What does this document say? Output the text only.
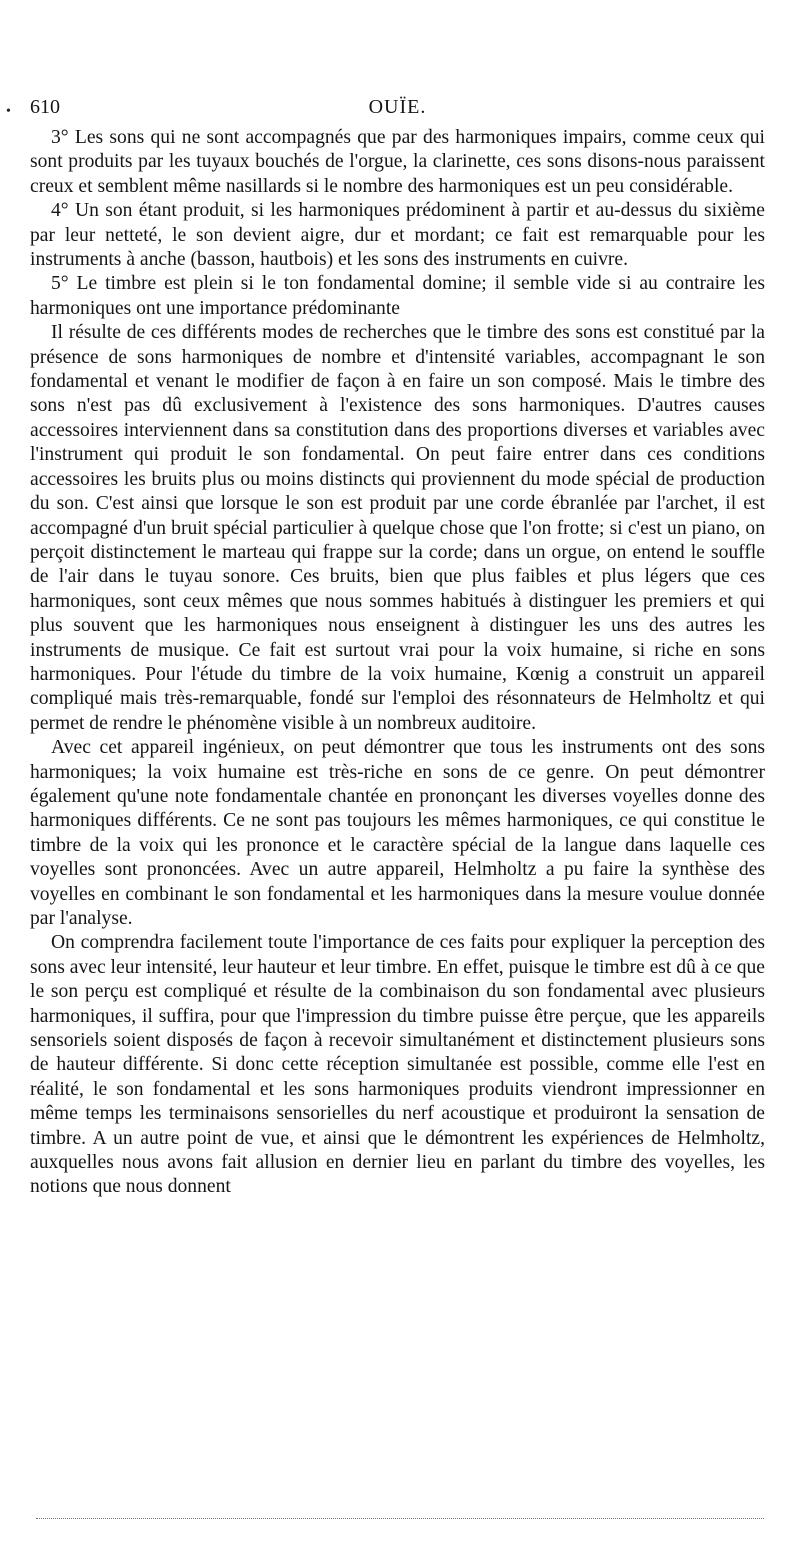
• 610	OUÏE.

3° Les sons qui ne sont accompagnés que par des harmoniques impairs, comme ceux qui sont produits par les tuyaux bouchés de l'orgue, la clarinette, ces sons disons-nous paraissent creux et semblent même nasillards si le nombre des harmoniques est un peu considérable.

4° Un son étant produit, si les harmoniques prédominent à partir et au-dessus du sixième par leur netteté, le son devient aigre, dur et mordant; ce fait est remarquable pour les instruments à anche (basson, hautbois) et les sons des instruments en cuivre.

5° Le timbre est plein si le ton fondamental domine; il semble vide si au contraire les harmoniques ont une importance prédominante

Il résulte de ces différents modes de recherches que le timbre des sons est constitué par la présence de sons harmoniques de nombre et d'intensité variables, accompagnant le son fondamental et venant le modifier de façon à en faire un son composé. Mais le timbre des sons n'est pas dû exclusivement à l'existence des sons harmoniques. D'autres causes accessoires interviennent dans sa constitution dans des proportions diverses et variables avec l'instrument qui produit le son fondamental. On peut faire entrer dans ces conditions accessoires les bruits plus ou moins distincts qui proviennent du mode spécial de production du son. C'est ainsi que lorsque le son est produit par une corde ébranlée par l'archet, il est accompagné d'un bruit spécial particulier à quelque chose que l'on frotte; si c'est un piano, on perçoit distinctement le marteau qui frappe sur la corde; dans un orgue, on entend le souffle de l'air dans le tuyau sonore. Ces bruits, bien que plus faibles et plus légers que ces harmoniques, sont ceux mêmes que nous sommes habitués à distinguer les premiers et qui plus souvent que les harmoniques nous enseignent à distinguer les uns des autres les instruments de musique. Ce fait est surtout vrai pour la voix humaine, si riche en sons harmoniques. Pour l'étude du timbre de la voix humaine, Kœnig a construit un appareil compliqué mais très-remarquable, fondé sur l'emploi des résonnateurs de Helmholtz et qui permet de rendre le phénomène visible à un nombreux auditoire.

Avec cet appareil ingénieux, on peut démontrer que tous les instruments ont des sons harmoniques; la voix humaine est très-riche en sons de ce genre. On peut démontrer également qu'une note fondamentale chantée en prononçant les diverses voyelles donne des harmoniques différents. Ce ne sont pas toujours les mêmes harmoniques, ce qui constitue le timbre de la voix qui les prononce et le caractère spécial de la langue dans laquelle ces voyelles sont prononcées. Avec un autre appareil, Helmholtz a pu faire la synthèse des voyelles en combinant le son fondamental et les harmoniques dans la mesure voulue donnée par l'analyse.

On comprendra facilement toute l'importance de ces faits pour expliquer la perception des sons avec leur intensité, leur hauteur et leur timbre. En effet, puisque le timbre est dû à ce que le son perçu est compliqué et résulte de la combinaison du son fondamental avec plusieurs harmoniques, il suffira, pour que l'impression du timbre puisse être perçue, que les appareils sensoriels soient disposés de façon à recevoir simultanément et distinctement plusieurs sons de hauteur différente. Si donc cette réception simultanée est possible, comme elle l'est en réalité, le son fondamental et les sons harmoniques produits viendront impressionner en même temps les terminaisons sensorielles du nerf acoustique et produiront la sensation de timbre. A un autre point de vue, et ainsi que le démontrent les expériences de Helmholtz, auxquelles nous avons fait allusion en dernier lieu en parlant du timbre des voyelles, les notions que nous donnent
